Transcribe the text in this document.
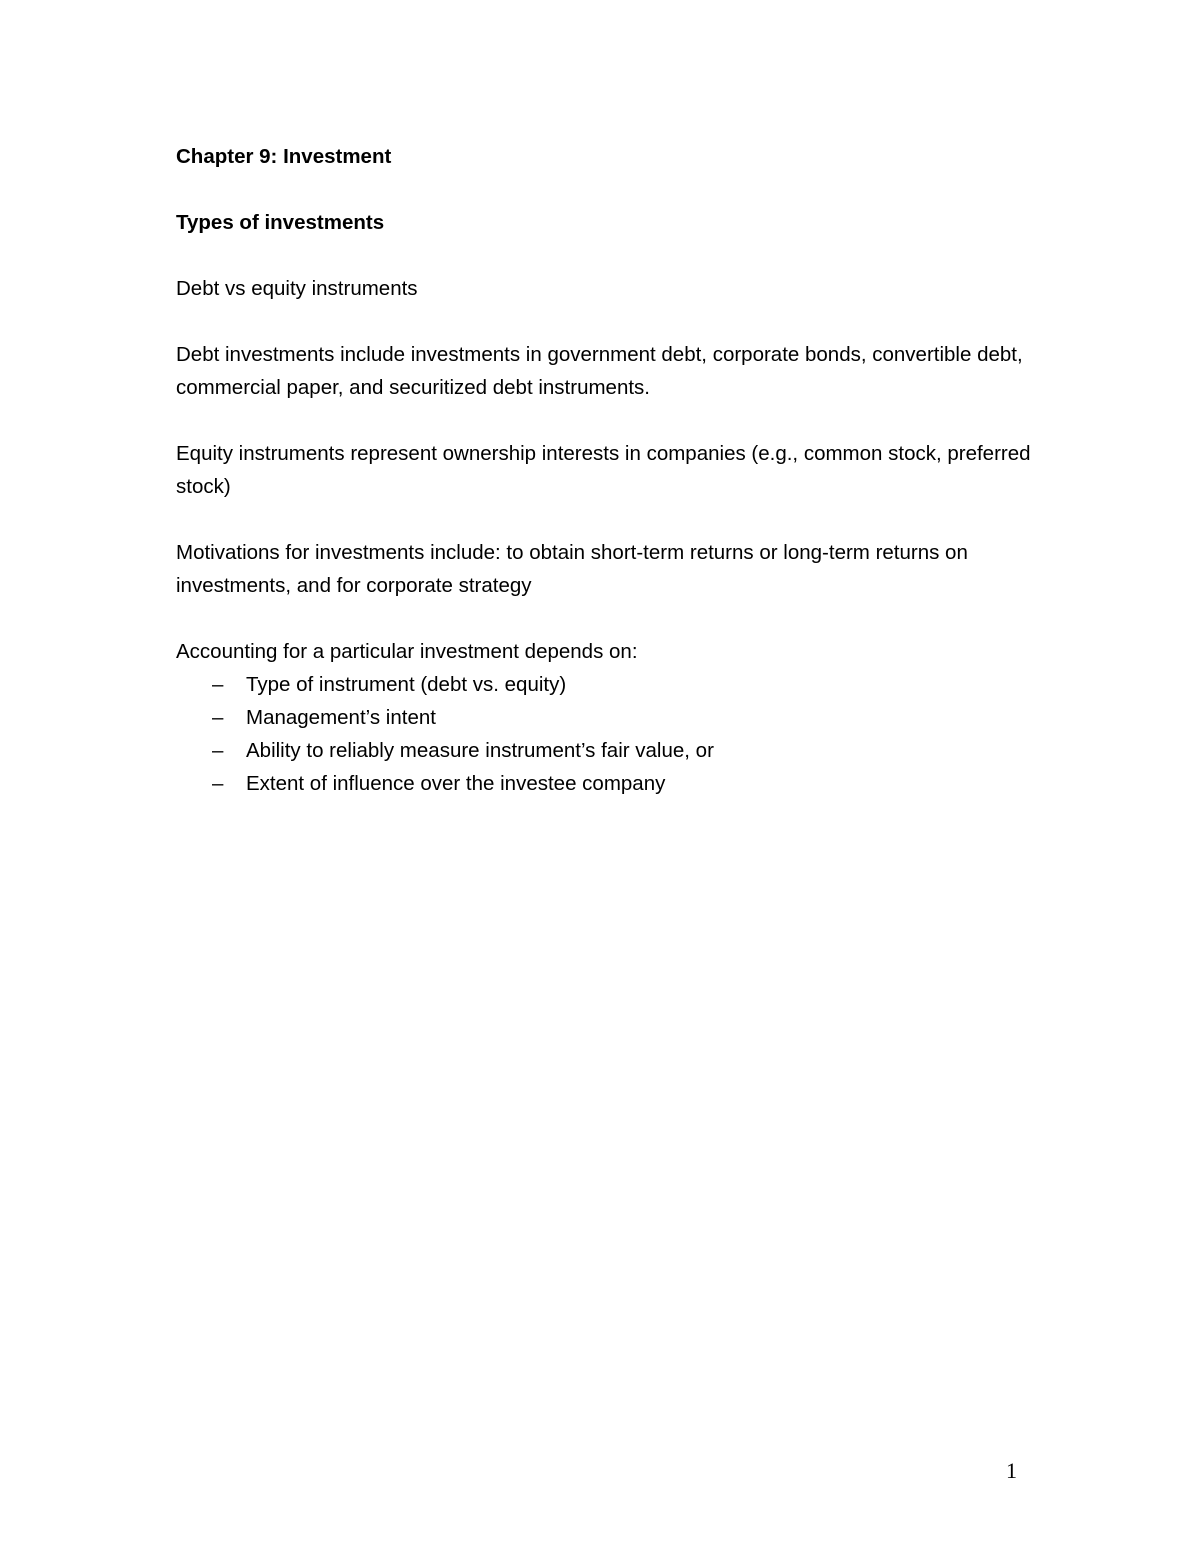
Chapter 9: Investment

Types of investments

Debt vs equity instruments

Debt investments include investments in government debt, corporate bonds, convertible debt, commercial paper, and securitized debt instruments.

Equity instruments represent ownership interests in companies (e.g., common stock, preferred stock)

Motivations for investments include: to obtain short-term returns or long-term returns on investments, and for corporate strategy

Accounting for a particular investment depends on:

–	Type of instrument (debt vs. equity)
–	Management’s intent
–	Ability to reliably measure instrument’s fair value, or
–	Extent of influence over the investee company
1
